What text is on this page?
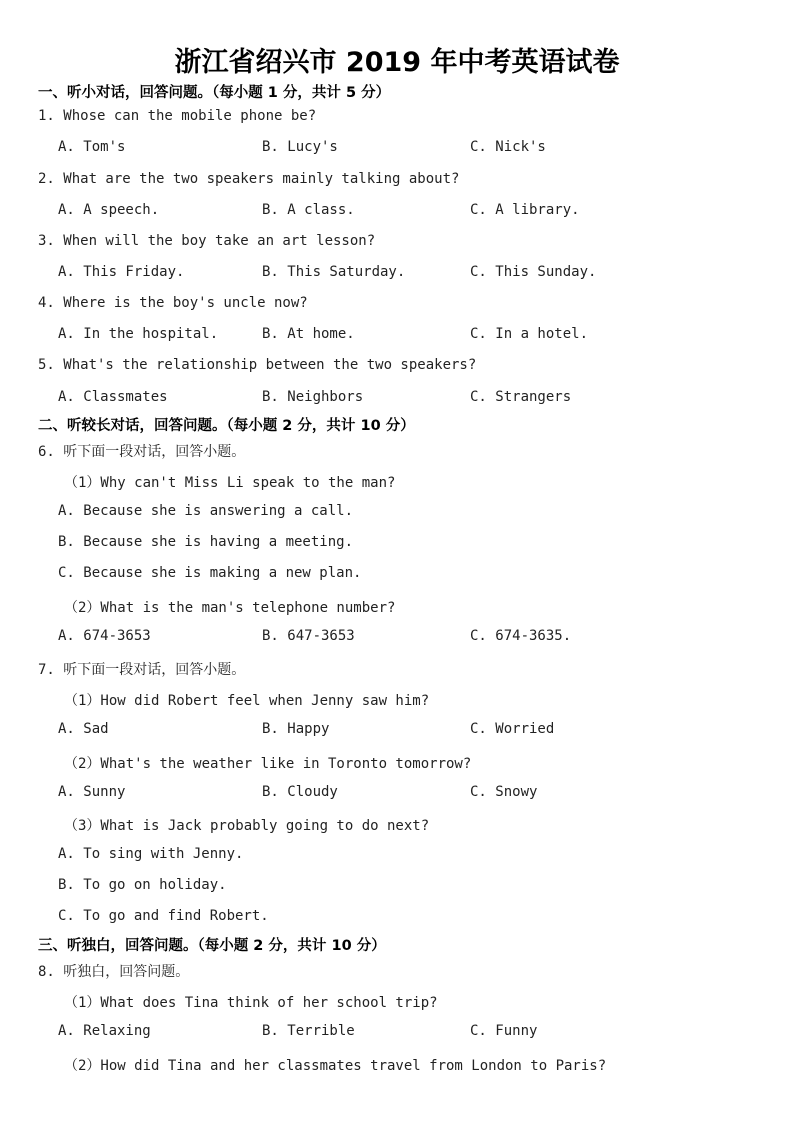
浙江省绍兴市 2019 年中考英语试卷
一、听小对话，回答问题。（每小题 1 分，共计 5 分）
1. Whose can the mobile phone be?
A. Tom's	B. Lucy's	C. Nick's
2. What are the two speakers mainly talking about?
A. A speech.	B. A class.	C. A library.
3. When will the boy take an art lesson?
A. This Friday.	B. This Saturday.	C. This Sunday.
4. Where is the boy's uncle now?
A. In the hospital.	B. At home.	C. In a hotel.
5. What's the relationship between the two speakers?
A. Classmates	B. Neighbors	C. Strangers
二、听较长对话，回答问题。（每小题 2 分，共计 10 分）
6. 听下面一段对话，回答小题。
（1）Why can't Miss Li speak to the man?
A. Because she is answering a call.
B. Because she is having a meeting.
C. Because she is making a new plan.
（2）What is the man's telephone number?
A. 674-3653	B. 647-3653	C. 674-3635.
7. 听下面一段对话，回答小题。
（1）How did Robert feel when Jenny saw him?
A. Sad	B. Happy	C. Worried
（2）What's the weather like in Toronto tomorrow?
A. Sunny	B. Cloudy	C. Snowy
（3）What is Jack probably going to do next?
A. To sing with Jenny.
B. To go on holiday.
C. To go and find Robert.
三、听独白，回答问题。（每小题 2 分，共计 10 分）
8. 听独白，回答问题。
（1）What does Tina think of her school trip?
A. Relaxing	B. Terrible	C. Funny
（2）How did Tina and her classmates travel from London to Paris?
